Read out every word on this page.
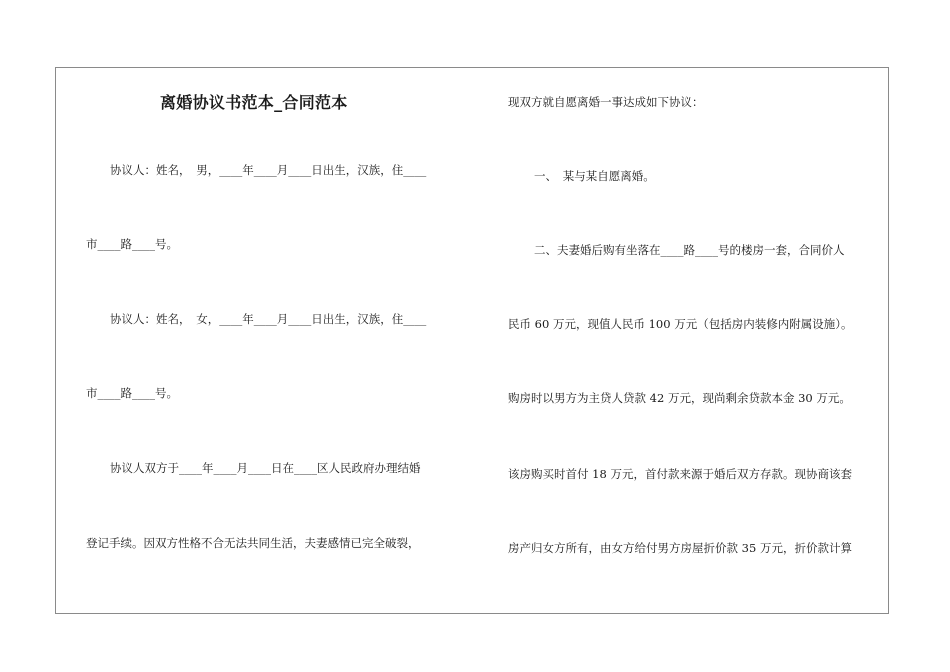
离婚协议书范本_合同范本
协议人：姓名，　男，____年____月____日出生，汉族，住____
市____路____号。
协议人：姓名，　女，____年____月____日出生，汉族，住____
市____路____号。
协议人双方于____年____月____日在____区人民政府办理结婚
登记手续。因双方性格不合无法共同生活，夫妻感情已完全破裂，
现双方就自愿离婚一事达成如下协议：
一、　某与某自愿离婚。
二、夫妻婚后购有坐落在____路____号的楼房一套，合同价人
民币 60 万元，现值人民币 100 万元（包括房内装修内附属设施）。
购房时以男方为主贷人贷款 42 万元，现尚剩余贷款本金 30 万元。
该房购买时首付 18 万元，首付款来源于婚后双方存款。现协商该套
房产归女方所有，由女方给付男方房屋折价款 35 万元，折价款计算
